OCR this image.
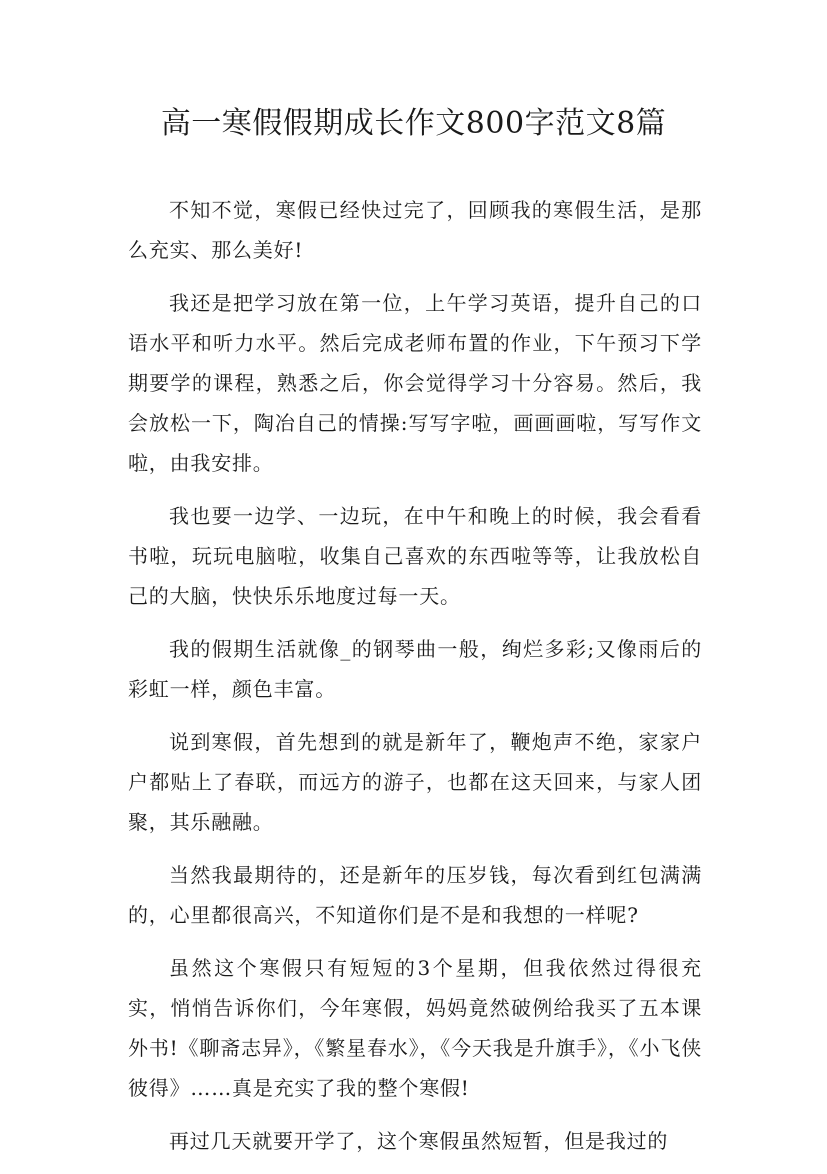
高一寒假假期成长作文800字范文8篇

不知不觉，寒假已经快过完了，回顾我的寒假生活，是那么充实、那么美好!

我还是把学习放在第一位，上午学习英语，提升自己的口语水平和听力水平。然后完成老师布置的作业，下午预习下学期要学的课程，熟悉之后，你会觉得学习十分容易。然后，我会放松一下，陶冶自己的情操:写写字啦，画画画啦，写写作文啦，由我安排。

我也要一边学、一边玩，在中午和晚上的时候，我会看看书啦，玩玩电脑啦，收集自己喜欢的东西啦等等，让我放松自己的大脑，快快乐乐地度过每一天。

我的假期生活就像_的钢琴曲一般，绚烂多彩;又像雨后的彩虹一样，颜色丰富。

说到寒假，首先想到的就是新年了，鞭炮声不绝，家家户户都贴上了春联，而远方的游子，也都在这天回来，与家人团聚，其乐融融。

当然我最期待的，还是新年的压岁钱，每次看到红包满满的，心里都很高兴，不知道你们是不是和我想的一样呢?

虽然这个寒假只有短短的3个星期，但我依然过得很充实，悄悄告诉你们，今年寒假，妈妈竟然破例给我买了五本课外书!《聊斋志异》，《繁星春水》，《今天我是升旗手》，《小飞侠彼得》……真是充实了我的整个寒假!

再过几天就要开学了，这个寒假虽然短暂，但是我过的
